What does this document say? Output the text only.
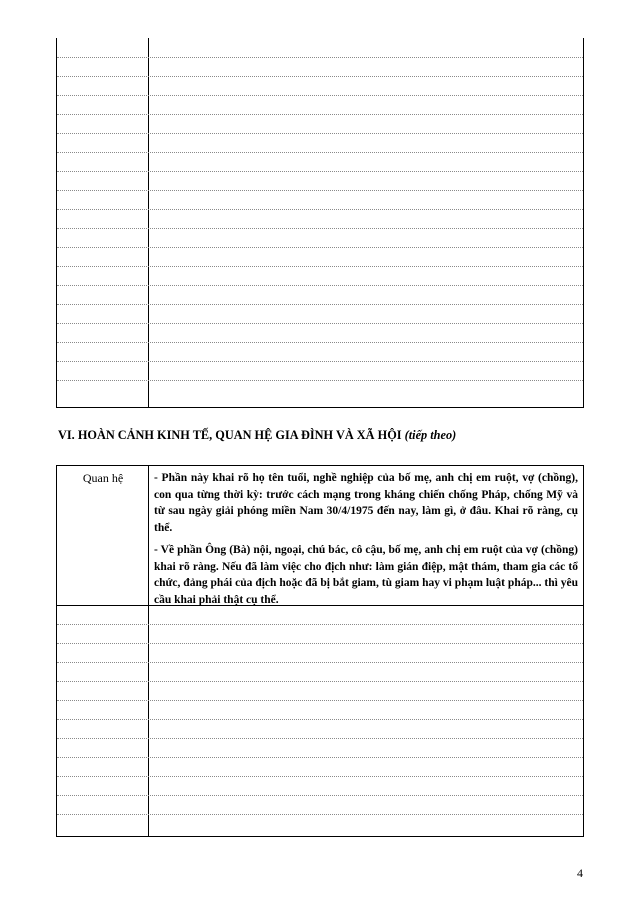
VI. HOÀN CẢNH KINH TẾ, QUAN HỆ GIA ĐÌNH VÀ XÃ HỘI (tiếp theo)
Quan hệ	- Phần này khai rõ họ tên tuổi, nghề nghiệp của bố mẹ, anh chị em ruột, vợ (chồng), con qua từng thời kỳ: trước cách mạng trong kháng chiến chống Pháp, chống Mỹ và từ sau ngày giải phóng miền Nam 30/4/1975 đến nay, làm gì, ở đâu. Khai rõ ràng, cụ thể.

- Về phần Ông (Bà) nội, ngoại, chú bác, cô cậu, bố mẹ, anh chị em ruột của vợ (chồng) khai rõ ràng. Nếu đã làm việc cho địch như: làm gián điệp, mật thám, tham gia các tổ chức, đảng phái của địch hoặc đã bị bắt giam, tù giam hay vi phạm luật pháp... thì yêu cầu khai phải thật cụ thể.

4
